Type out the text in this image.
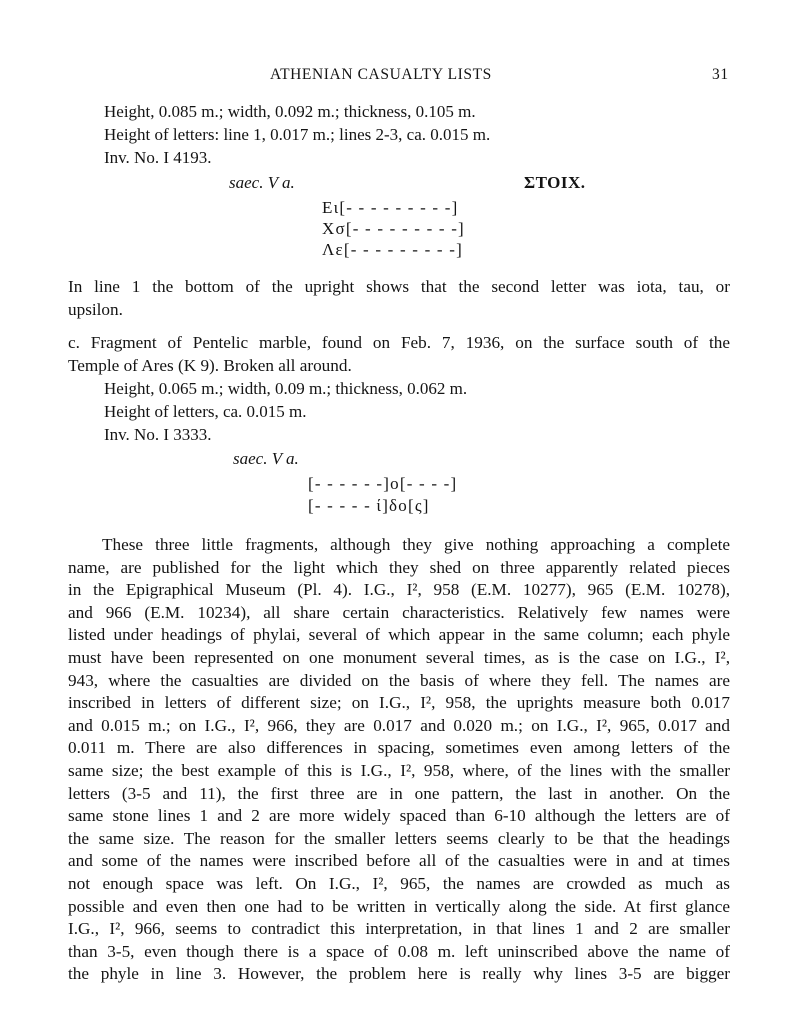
ATHENIAN CASUALTY LISTS	31
Height, 0.085 m.; width, 0.092 m.; thickness, 0.105 m.
Height of letters: line 1, 0.017 m.; lines 2-3, ca. 0.015 m.
Inv. No. I 4193.
saec. V a.	ΣΤΟΙΧ.
Ει[- - - - - - - - -]
Χσ[- - - - - - - - -]
Λε[- - - - - - - - -]
In line 1 the bottom of the upright shows that the second letter was iota, tau, or
upsilon.
c. Fragment of Pentelic marble, found on Feb. 7, 1936, on the surface south of the
Temple of Ares (K 9). Broken all around.
Height, 0.065 m.; width, 0.09 m.; thickness, 0.062 m.
Height of letters, ca. 0.015 m.
Inv. No. I 3333.
saec. V a.
[- - - - - -]ο[- - - -]
[- - - - - ί]δο[ς]
These three little fragments, although they give nothing approaching a complete
name, are published for the light which they shed on three apparently related pieces
in the Epigraphical Museum (Pl. 4). I.G., I², 958 (E.M. 10277), 965 (E.M. 10278),
and 966 (E.M. 10234), all share certain characteristics. Relatively few names were
listed under headings of phylai, several of which appear in the same column; each phyle
must have been represented on one monument several times, as is the case on I.G., I²,
943, where the casualties are divided on the basis of where they fell. The names are
inscribed in letters of different size; on I.G., I², 958, the uprights measure both 0.017
and 0.015 m.; on I.G., I², 966, they are 0.017 and 0.020 m.; on I.G., I², 965, 0.017 and
0.011 m. There are also differences in spacing, sometimes even among letters of the
same size; the best example of this is I.G., I², 958, where, of the lines with the smaller
letters (3-5 and 11), the first three are in one pattern, the last in another. On the
same stone lines 1 and 2 are more widely spaced than 6-10 although the letters are of
the same size. The reason for the smaller letters seems clearly to be that the headings
and some of the names were inscribed before all of the casualties were in and at times
not enough space was left. On I.G., I², 965, the names are crowded as much as
possible and even then one had to be written in vertically along the side. At first glance
I.G., I², 966, seems to contradict this interpretation, in that lines 1 and 2 are smaller
than 3-5, even though there is a space of 0.08 m. left uninscribed above the name of
the phyle in line 3. However, the problem here is really why lines 3-5 are bigger
